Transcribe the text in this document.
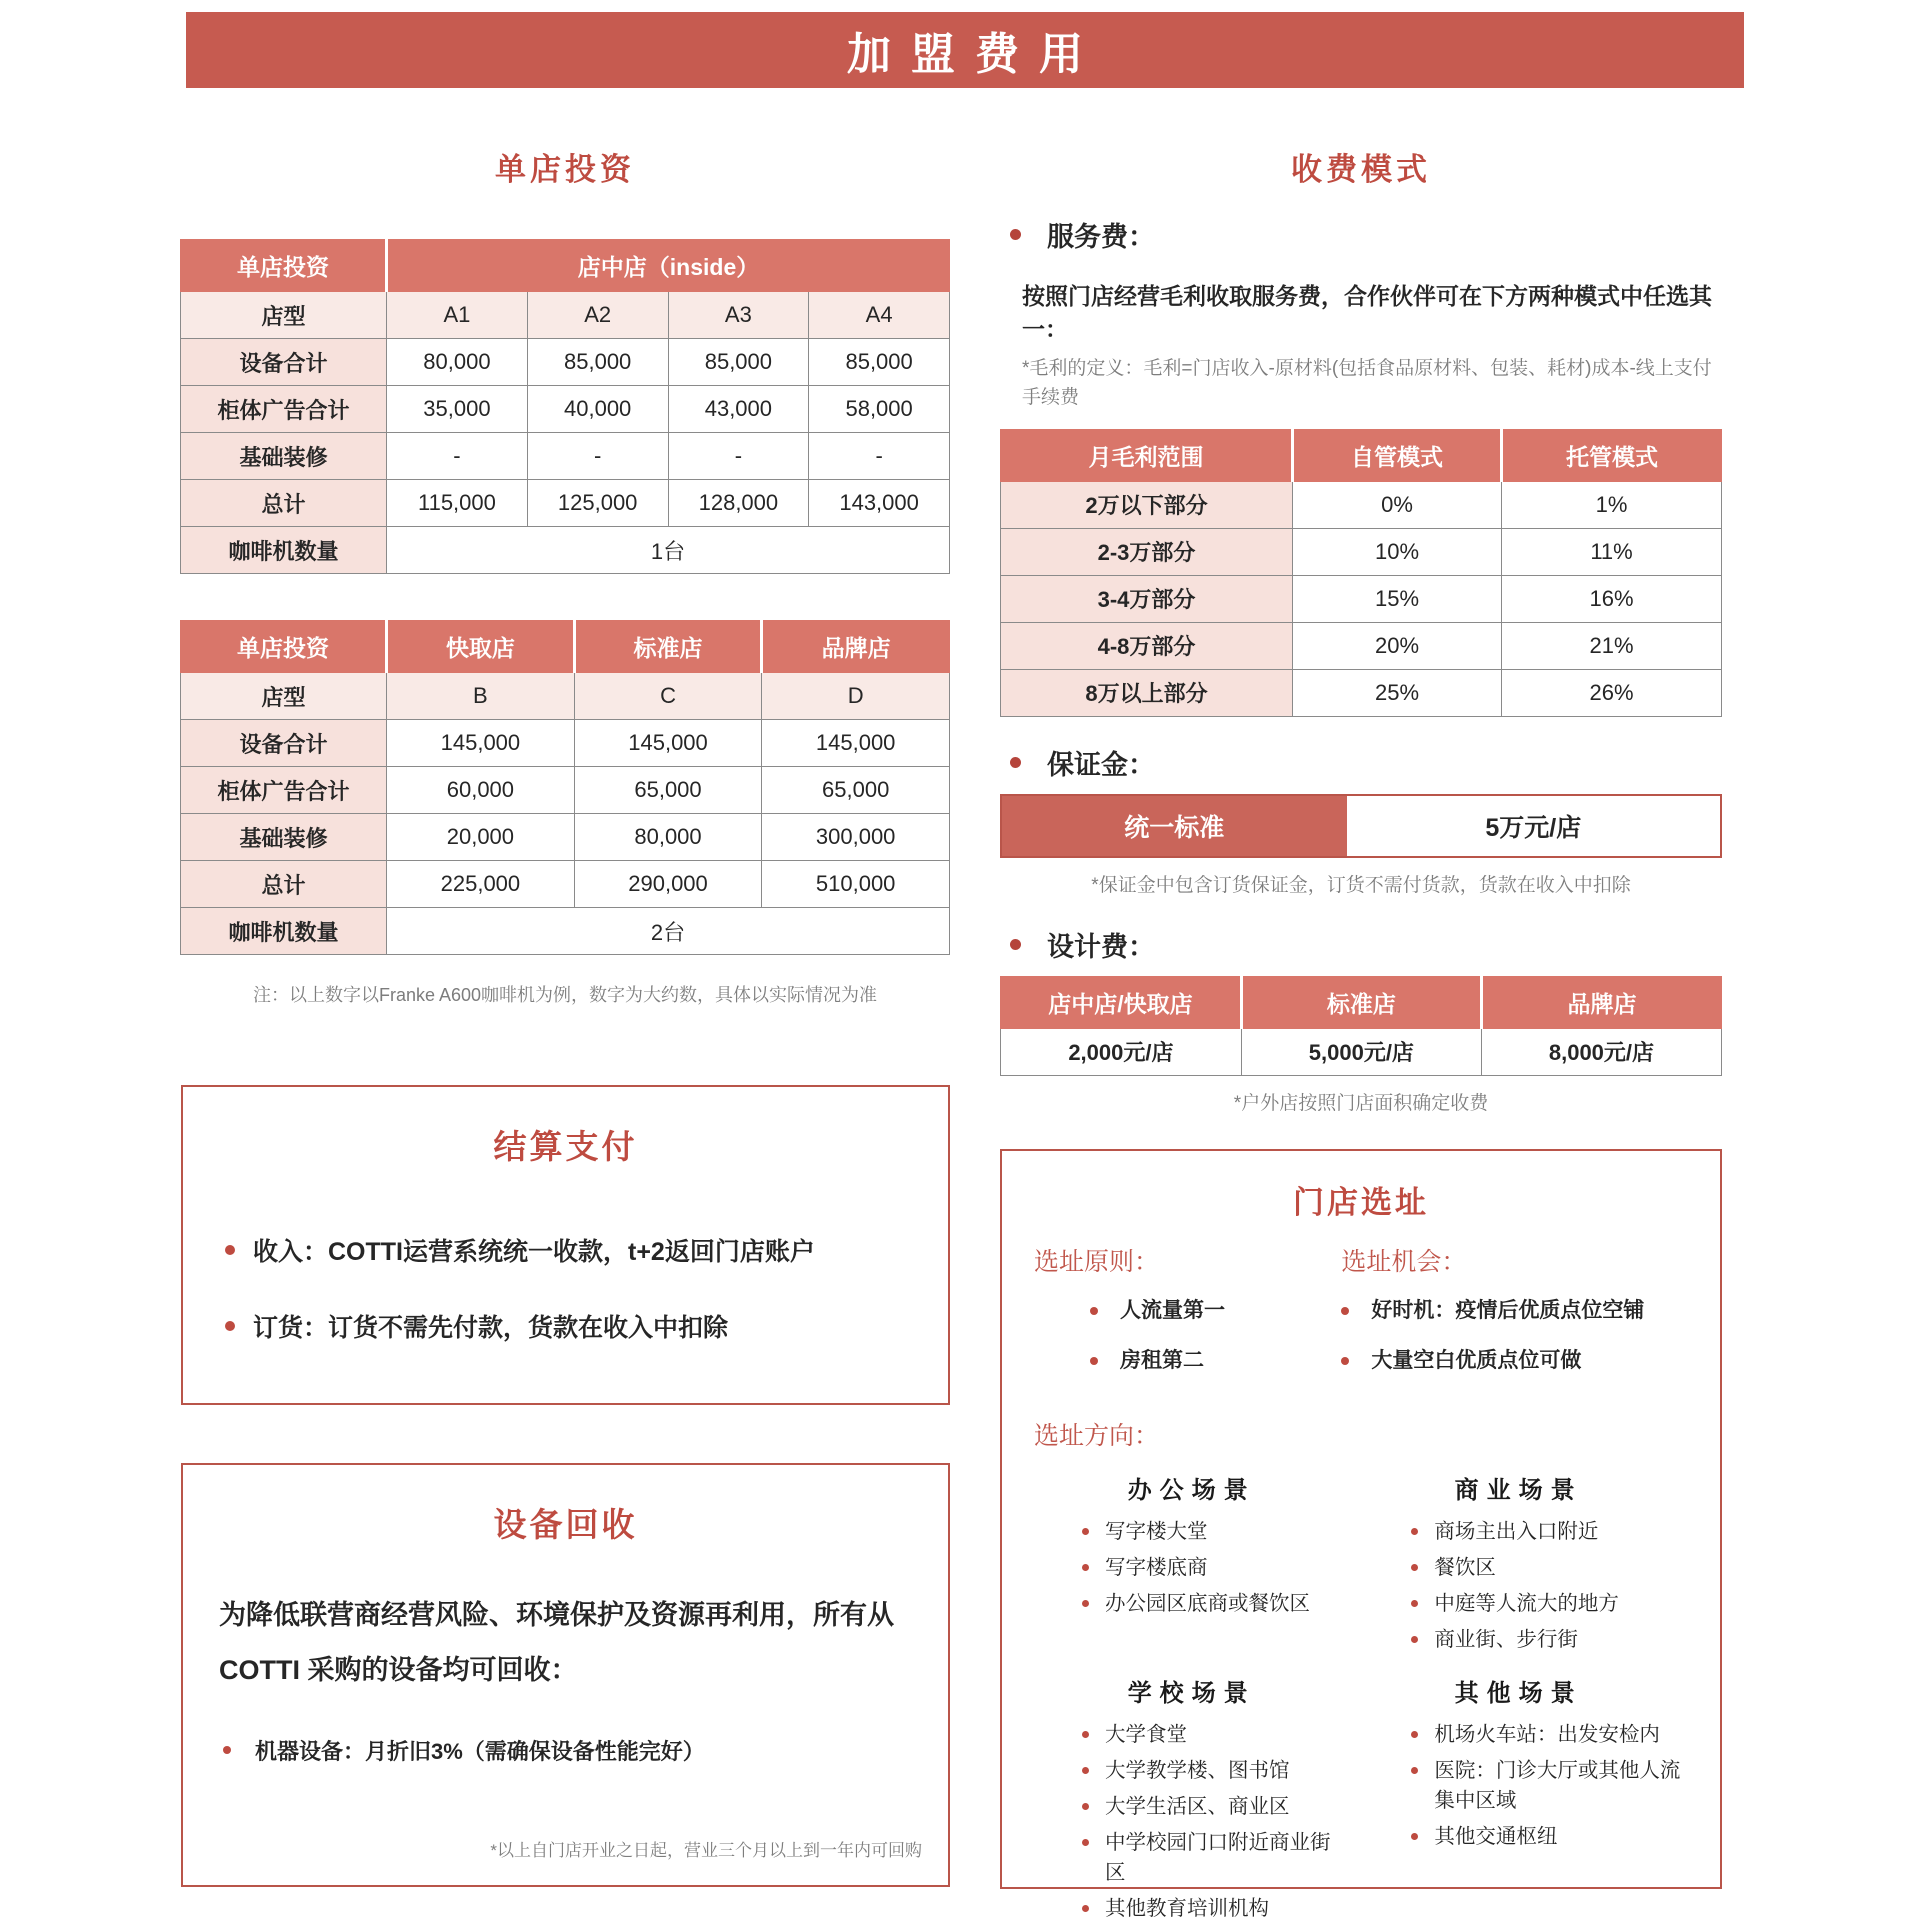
加盟费用
单店投资
单店投资	店中店（inside）			
店型	A1	A2	A3	A4
设备合计	80,000	85,000	85,000	85,000
柜体广告合计	35,000	40,000	43,000	58,000
基础装修	-	-	-	-
总计	115,000	125,000	128,000	143,000
咖啡机数量	1台			
单店投资	快取店	标准店	品牌店
店型	B	C	D
设备合计	145,000	145,000	145,000
柜体广告合计	60,000	65,000	65,000
基础装修	20,000	80,000	300,000
总计	225,000	290,000	510,000
咖啡机数量	2台		
注：以上数字以Franke A600咖啡机为例，数字为大约数，具体以实际情况为准
结算支付
收入：COTTI运营系统统一收款，t+2返回门店账户
订货：订货不需先付款，货款在收入中扣除
设备回收
为降低联营商经营风险、环境保护及资源再利用，所有从 COTTI 采购的设备均可回收：
机器设备：月折旧3%（需确保设备性能完好）
*以上自门店开业之日起，营业三个月以上到一年内可回购
收费模式
服务费：
按照门店经营毛利收取服务费，合作伙伴可在下方两种模式中任选其一：
*毛利的定义：毛利=门店收入-原材料(包括食品原材料、包装、耗材)成本-线上支付手续费
月毛利范围	自管模式	托管模式
2万以下部分	0%	1%
2-3万部分	10%	11%
3-4万部分	15%	16%
4-8万部分	20%	21%
8万以上部分	25%	26%
保证金：
统一标准	5万元/店
*保证金中包含订货保证金，订货不需付货款，货款在收入中扣除
设计费：
店中店/快取店	标准店	品牌店
2,000元/店	5,000元/店	8,000元/店
*户外店按照门店面积确定收费
门店选址
选址原则：
人流量第一
房租第二
选址机会：
好时机：疫情后优质点位空铺
大量空白优质点位可做
选址方向：
办公场景
写字楼大堂
写字楼底商
办公园区底商或餐饮区
商业场景
商场主出入口附近
餐饮区
中庭等人流大的地方
商业街、步行街
学校场景
大学食堂
大学教学楼、图书馆
大学生活区、商业区
中学校园门口附近商业街区
其他教育培训机构
其他场景
机场火车站：出发安检内
医院：门诊大厅或其他人流集中区域
其他交通枢纽
